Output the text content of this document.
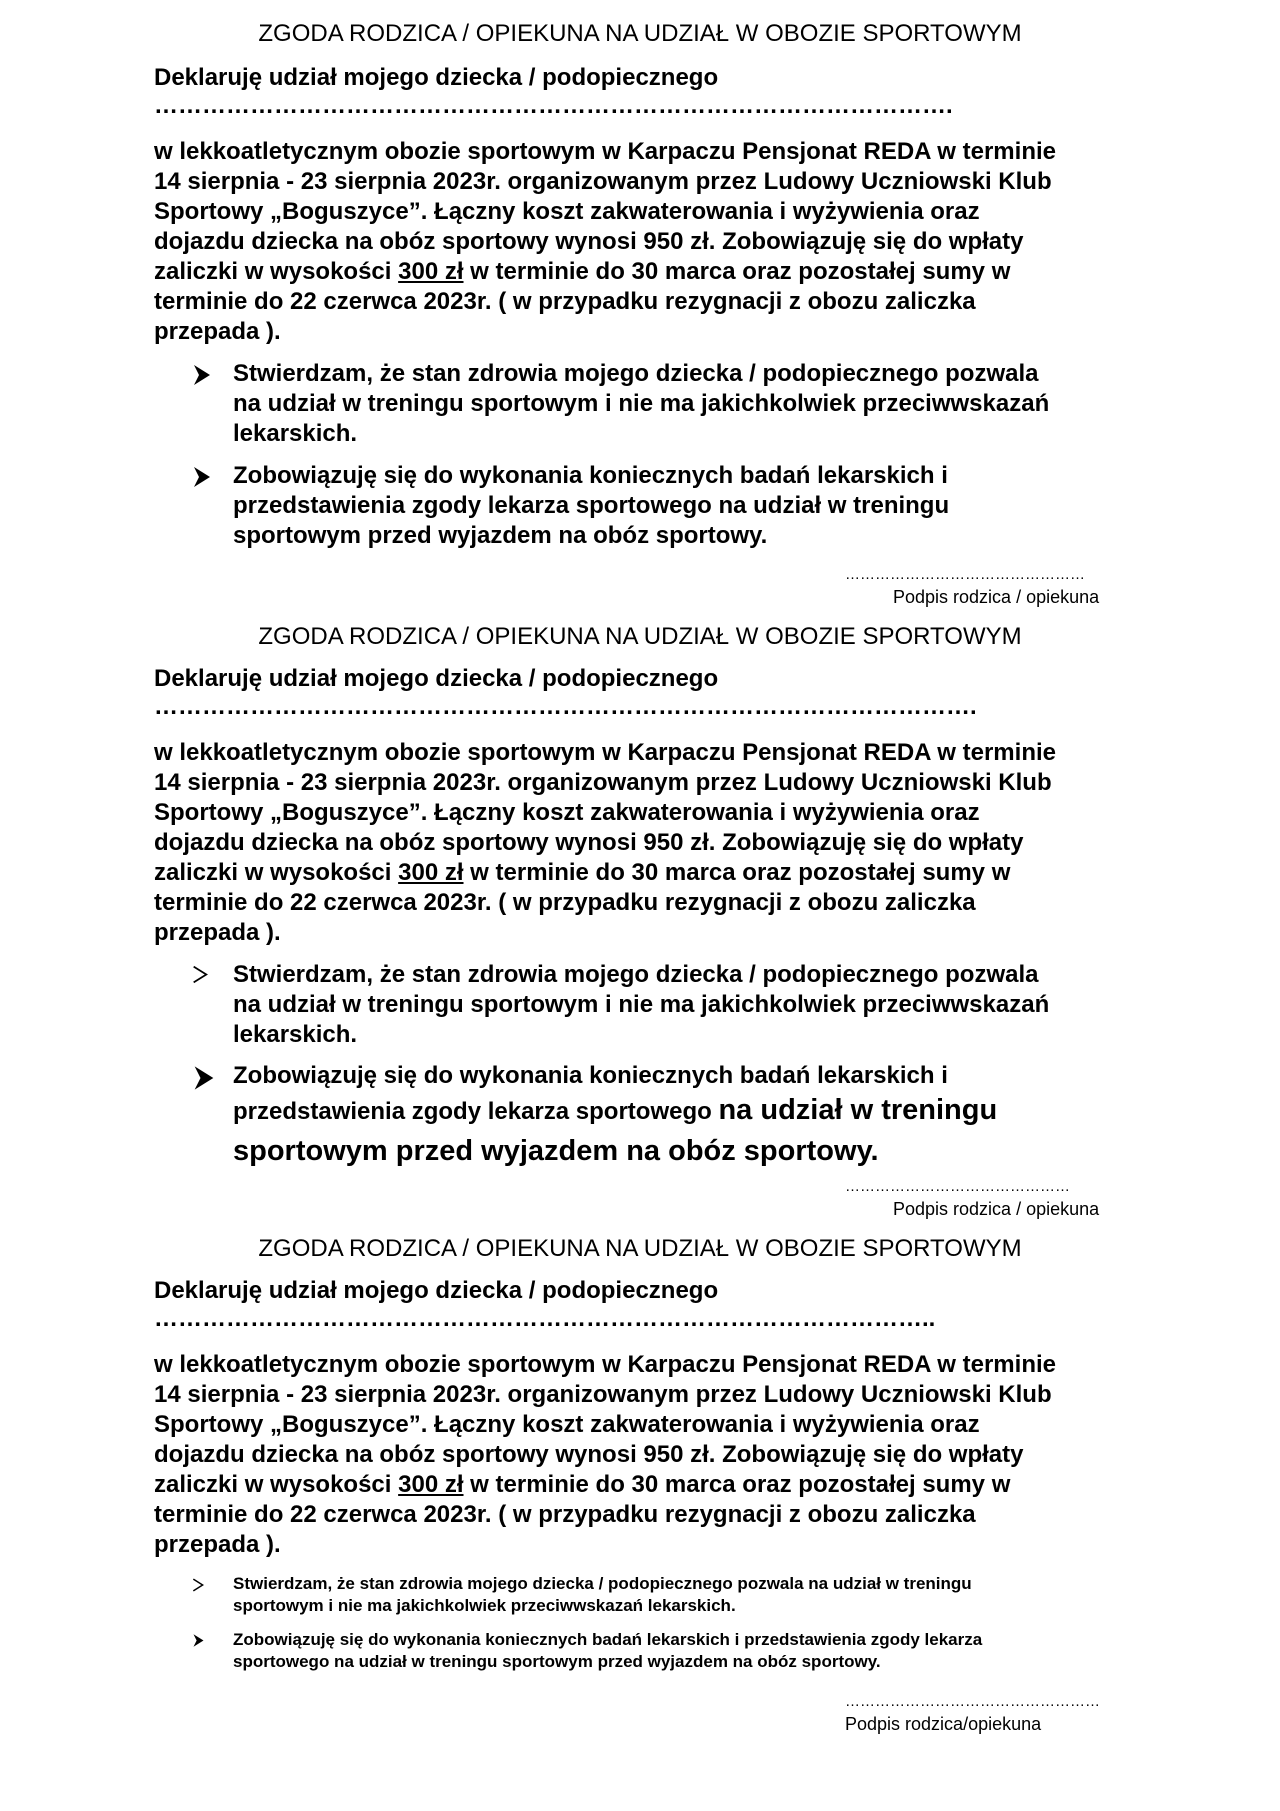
ZGODA RODZICA / OPIEKUNA NA UDZIAŁ W OBOZIE SPORTOWYM
Deklaruję udział mojego dziecka / podopiecznego
……………………………………………………………………………………….
w lekkoatletycznym obozie sportowym w Karpaczu Pensjonat REDA w terminie
14 sierpnia - 23 sierpnia 2023r. organizowanym przez Ludowy Uczniowski Klub
Sportowy „Boguszyce”. Łączny koszt zakwaterowania i wyżywienia oraz
dojazdu dziecka na obóz sportowy wynosi 950 zł. Zobowiązuję się do wpłaty
zaliczki w wysokości 300 zł w terminie do 30 marca oraz pozostałej sumy w
terminie do 22 czerwca 2023r. ( w przypadku rezygnacji z obozu zaliczka
przepada ).
Stwierdzam, że stan zdrowia mojego dziecka / podopiecznego pozwala
na udział w treningu sportowym i nie ma jakichkolwiek przeciwwskazań
lekarskich.
Zobowiązuję się do wykonania koniecznych badań lekarskich i
przedstawienia zgody lekarza sportowego na udział w treningu
sportowym przed wyjazdem na obóz sportowy.
…………………………………………
Podpis rodzica / opiekuna
ZGODA RODZICA / OPIEKUNA NA UDZIAŁ W OBOZIE SPORTOWYM
Deklaruję udział mojego dziecka / podopiecznego
………………………………………………………………………………………….
w lekkoatletycznym obozie sportowym w Karpaczu Pensjonat REDA w terminie
14 sierpnia - 23 sierpnia 2023r. organizowanym przez Ludowy Uczniowski Klub
Sportowy „Boguszyce”. Łączny koszt zakwaterowania i wyżywienia oraz
dojazdu dziecka na obóz sportowy wynosi 950 zł. Zobowiązuję się do wpłaty
zaliczki w wysokości 300 zł w terminie do 30 marca oraz pozostałej sumy w
terminie do 22 czerwca 2023r. ( w przypadku rezygnacji z obozu zaliczka
przepada ).
Stwierdzam, że stan zdrowia mojego dziecka / podopiecznego pozwala
na udział w treningu sportowym i nie ma jakichkolwiek przeciwwskazań
lekarskich.
Zobowiązuję się do wykonania koniecznych badań lekarskich i
przedstawienia zgody lekarza sportowego na udział w treningu
sportowym przed wyjazdem na obóz sportowy.
………………………………………
Podpis rodzica / opiekuna
ZGODA RODZICA / OPIEKUNA NA UDZIAŁ W OBOZIE SPORTOWYM
Deklaruję udział mojego dziecka / podopiecznego
……………………………………………………………………………………..
w lekkoatletycznym obozie sportowym w Karpaczu Pensjonat REDA w terminie
14 sierpnia - 23 sierpnia 2023r. organizowanym przez Ludowy Uczniowski Klub
Sportowy „Boguszyce”. Łączny koszt zakwaterowania i wyżywienia oraz
dojazdu dziecka na obóz sportowy wynosi 950 zł. Zobowiązuję się do wpłaty
zaliczki w wysokości 300 zł w terminie do 30 marca oraz pozostałej sumy w
terminie do 22 czerwca 2023r. ( w przypadku rezygnacji z obozu zaliczka
przepada ).
Stwierdzam, że stan zdrowia mojego dziecka / podopiecznego pozwala na udział w treningu
sportowym i nie ma jakichkolwiek przeciwwskazań lekarskich.
Zobowiązuję się do wykonania koniecznych badań lekarskich i przedstawienia zgody lekarza
sportowego na udział w treningu sportowym przed wyjazdem na obóz sportowy.
……………………………………………
Podpis rodzica/opiekuna
